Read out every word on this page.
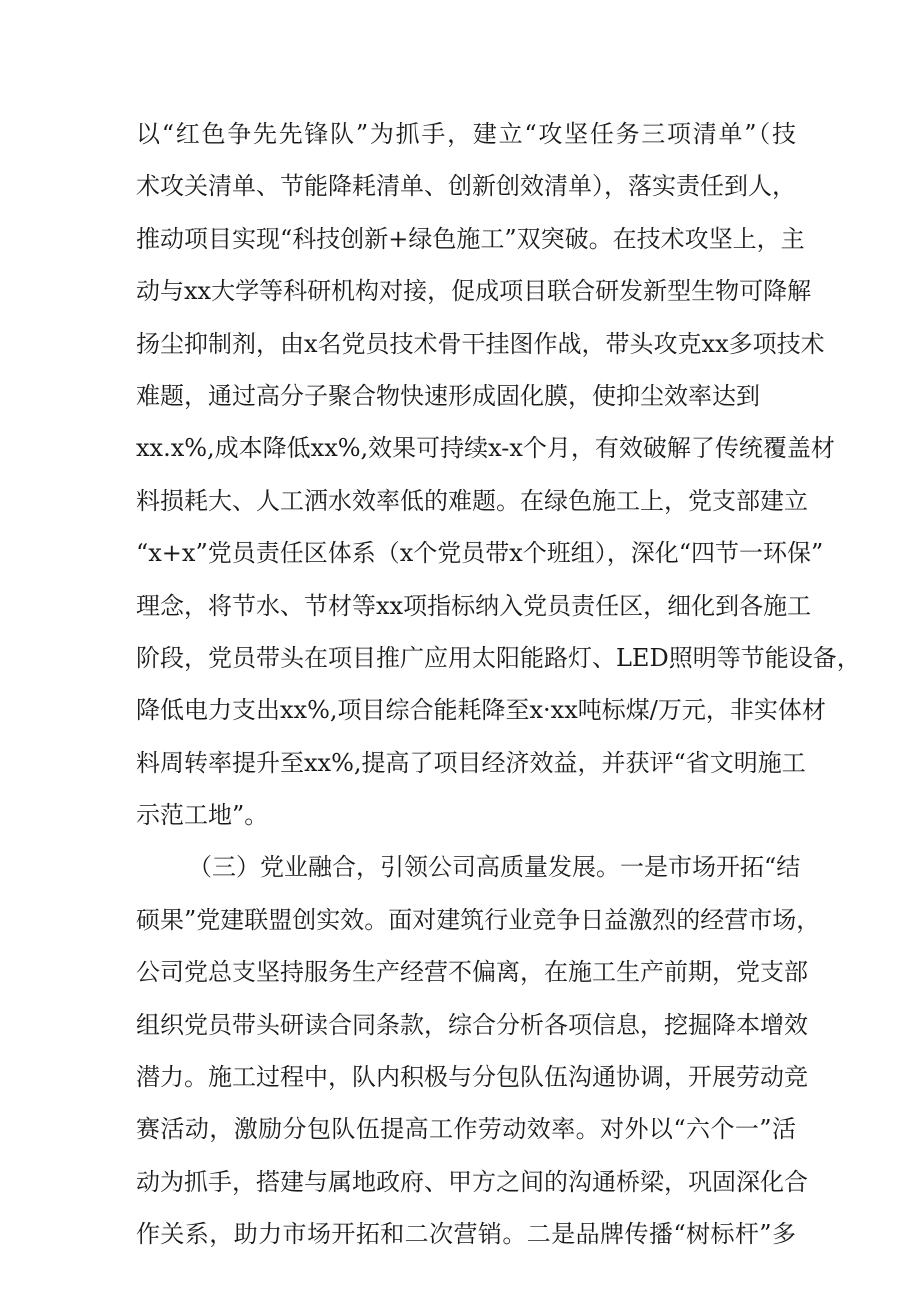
以“红色争先先锋队”为抓手，建立“攻坚任务三项清单”（技
术攻关清单、节能降耗清单、创新创效清单），落实责任到人，
推动项目实现“科技创新+绿色施工”双突破。在技术攻坚上，主
动与xx大学等科研机构对接，促成项目联合研发新型生物可降解
扬尘抑制剂，由x名党员技术骨干挂图作战，带头攻克xx多项技术
难题，通过高分子聚合物快速形成固化膜，使抑尘效率达到
xx.x%,成本降低xx%,效果可持续x-x个月，有效破解了传统覆盖材
料损耗大、人工洒水效率低的难题。在绿色施工上，党支部建立
“x+x”党员责任区体系（x个党员带x个班组），深化“四节一环保”
理念，将节水、节材等xx项指标纳入党员责任区，细化到各施工
阶段，党员带头在项目推广应用太阳能路灯、LED照明等节能设备，
降低电力支出xx%,项目综合能耗降至x·xx吨标煤/万元，非实体材
料周转率提升至xx%,提高了项目经济效益，并获评“省文明施工
示范工地”。
（三）党业融合，引领公司高质量发展。一是市场开拓“结
硕果”党建联盟创实效。面对建筑行业竞争日益激烈的经营市场，
公司党总支坚持服务生产经营不偏离，在施工生产前期，党支部
组织党员带头研读合同条款，综合分析各项信息，挖掘降本增效
潜力。施工过程中，队内积极与分包队伍沟通协调，开展劳动竞
赛活动，激励分包队伍提高工作劳动效率。对外以“六个一”活
动为抓手，搭建与属地政府、甲方之间的沟通桥梁，巩固深化合
作关系，助力市场开拓和二次营销。二是品牌传播“树标杆”多
